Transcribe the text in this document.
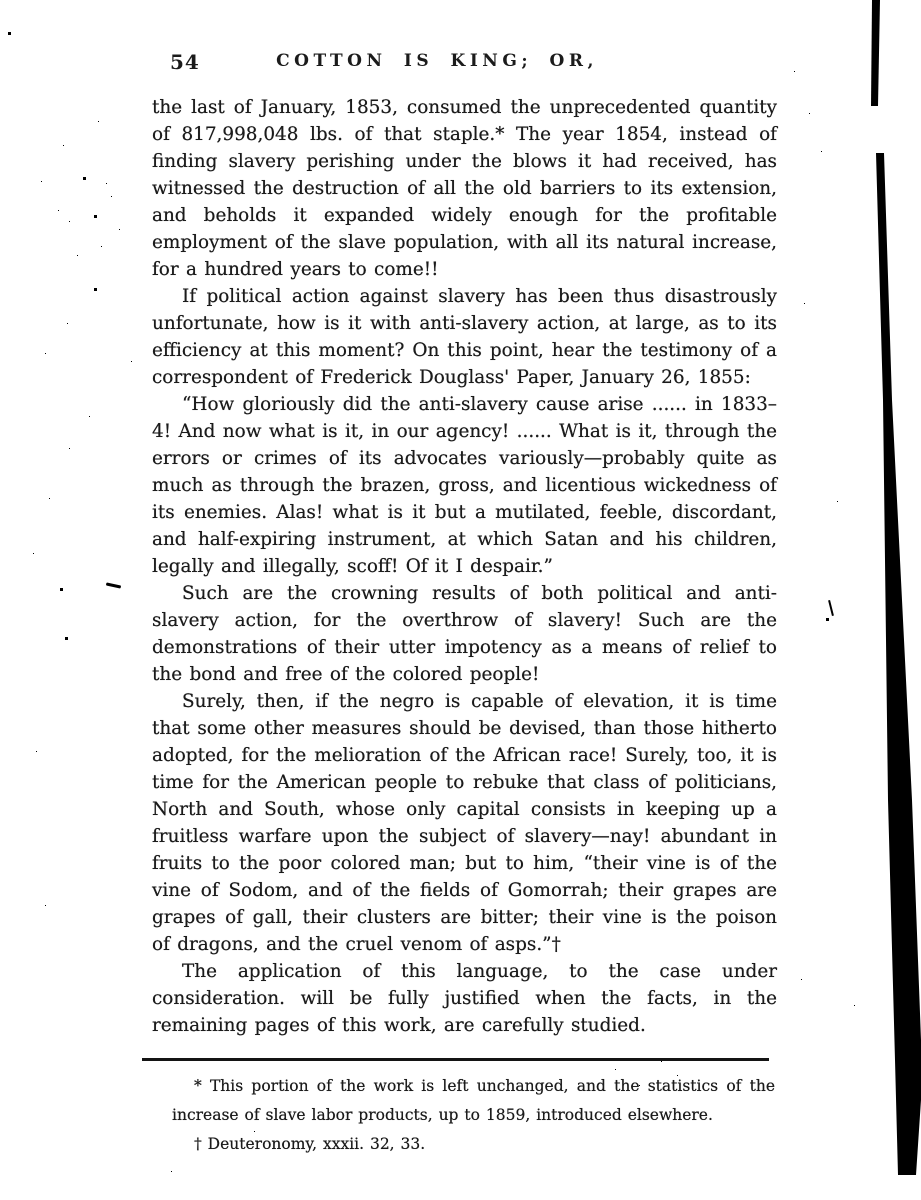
54	COTTON IS KING; OR,

the last of January, 1853, consumed the unprecedented quantity of 817,998,048 lbs. of that staple.* The year 1854, instead of finding slavery perishing under the blows it had received, has witnessed the destruction of all the old barriers to its extension, and beholds it expanded widely enough for the profitable employment of the slave population, with all its natural increase, for a hundred years to come!!

If political action against slavery has been thus disastrously unfortunate, how is it with anti-slavery action, at large, as to its efficiency at this moment? On this point, hear the testimony of a correspondent of Frederick Douglass' Paper, January 26, 1855:

“How gloriously did the anti-slavery cause arise ...... in 1833–4! And now what is it, in our agency! ...... What is it, through the errors or crimes of its advocates variously—probably quite as much as through the brazen, gross, and licentious wickedness of its enemies. Alas! what is it but a mutilated, feeble, discordant, and half-expiring instrument, at which Satan and his children, legally and illegally, scoff! Of it I despair.”

Such are the crowning results of both political and anti-slavery action, for the overthrow of slavery! Such are the demonstrations of their utter impotency as a means of relief to the bond and free of the colored people!

Surely, then, if the negro is capable of elevation, it is time that some other measures should be devised, than those hitherto adopted, for the melioration of the African race! Surely, too, it is time for the American people to rebuke that class of politicians, North and South, whose only capital consists in keeping up a fruitless warfare upon the subject of slavery—nay! abundant in fruits to the poor colored man; but to him, “their vine is of the vine of Sodom, and of the fields of Gomorrah; their grapes are grapes of gall, their clusters are bitter; their vine is the poison of dragons, and the cruel venom of asps.”†

The application of this language, to the case under consideration. will be fully justified when the facts, in the remaining pages of this work, are carefully studied.

* This portion of the work is left unchanged, and the statistics of the increase of slave labor products, up to 1859, introduced elsewhere.

† Deuteronomy, xxxii. 32, 33.
